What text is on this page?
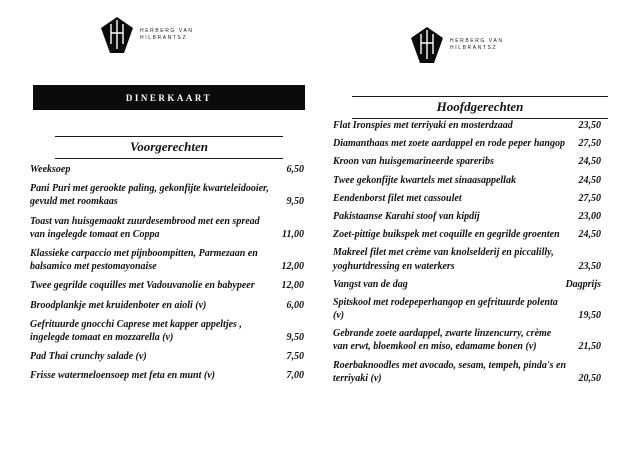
HERBERG VAN
HILBRANTSZ	HERBERG VAN
HILBRANTSZ
DINERKAART
Voorgerechten
Hoofdgerechten
Weeksoep	6,50
Pani Puri met gerookte paling, gekonfijte kwarteleidooier, gevuld met roomkaas	9,50
Toast van huisgemaakt zuurdesembrood met een spread van ingelegde tomaat en Coppa	11,00
Klassieke carpaccio met pijnboompitten, Parmezaan en balsamico met pestomayonaise	12,00
Twee gegrilde coquilles met Vadouvanolie en babypeer	12,00
Broodplankje met kruidenboter en aioli (v)	6,00
Gefrituurde gnocchi Caprese met kapper appeltjes , ingelegde tomaat en mozzarella (v)	9,50
Pad Thai crunchy salade (v)	7,50
Frisse watermeloensoep met feta en munt (v)	7,00
Flat Ironspies met terriyaki en mosterdzaad	23,50
Diamanthaas met zoete aardappel en rode peper hangop	27,50
Kroon van huisgemarineerde spareribs	24,50
Twee gekonfijte kwartels met sinaasappellak	24,50
Eendenborst filet met cassoulet	27,50
Pakistaanse Karahi stoof van kipdij	23,00
Zoet-pittige buikspek met coquille en gegrilde groenten	24,50
Makreel filet met crème van knolselderij en piccalilly, yoghurtdressing en waterkers	23,50
Vangst van de dag	Dagprijs
Spitskool met rodepeperhangop en gefrituurde polenta (v)	19,50
Gebrande zoete aardappel, zwarte linzencurry, crème van erwt, bloemkool en miso, edamame bonen (v)	21,50
Roerbaknoodles met avocado, sesam, tempeh, pinda's en terriyaki (v)	20,50
